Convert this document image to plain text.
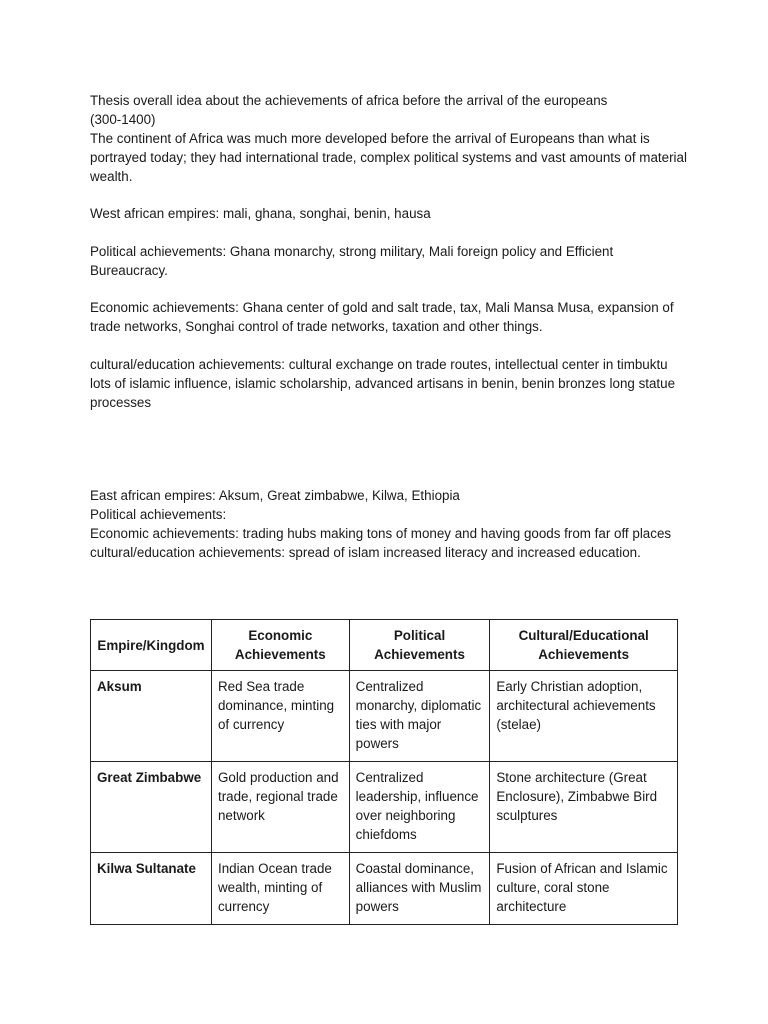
Thesis overall idea about the achievements of africa before the arrival of the europeans

(300-1400)

The continent of Africa was much more developed before the arrival of Europeans than what is portrayed today; they had international trade, complex political systems and vast amounts of material wealth.

West african empires: mali, ghana, songhai, benin, hausa

Political achievements: Ghana monarchy, strong military, Mali foreign policy and Efficient Bureaucracy.

Economic achievements: Ghana center of gold and salt trade, tax, Mali Mansa Musa, expansion of trade networks, Songhai control of trade networks, taxation and other things.

cultural/education achievements: cultural exchange on trade routes, intellectual center in timbuktu lots of islamic influence, islamic scholarship, advanced artisans in benin, benin bronzes long statue processes

East african empires: Aksum, Great zimbabwe, Kilwa, Ethiopia

Political achievements:

Economic achievements: trading hubs making tons of money and having goods from far off places

cultural/education achievements: spread of islam increased literacy and increased education.

Empire/Kingdom	Economic Achievements	Political Achievements	Cultural/Educational Achievements
Aksum	Red Sea trade dominance, minting of currency	Centralized monarchy, diplomatic ties with major powers	Early Christian adoption, architectural achievements (stelae)
Great Zimbabwe	Gold production and trade, regional trade network	Centralized leadership, influence over neighboring chiefdoms	Stone architecture (Great Enclosure), Zimbabwe Bird sculptures
Kilwa Sultanate	Indian Ocean trade wealth, minting of currency	Coastal dominance, alliances with Muslim powers	Fusion of African and Islamic culture, coral stone architecture
